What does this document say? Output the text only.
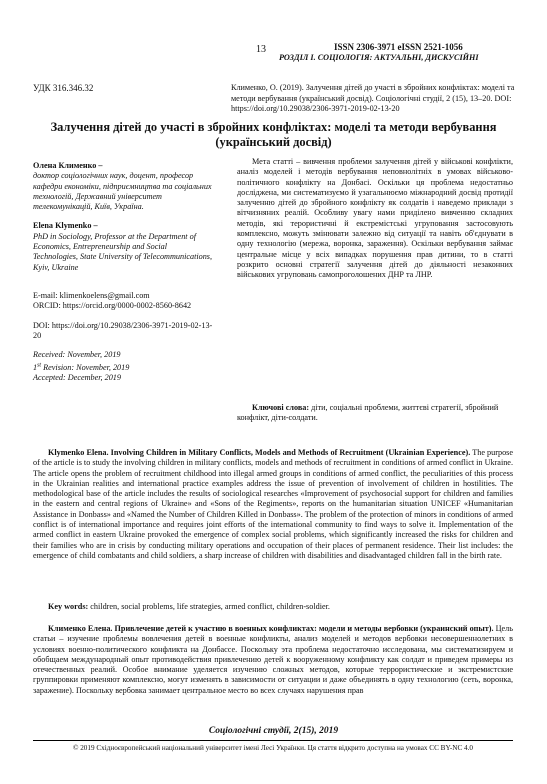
13	ISSN 2306-3971 eISSN 2521-1056
РОЗДІЛ І. СОЦІОЛОГІЯ: АКТУАЛЬНІ, ДИСКУСІЙНІ
УДК 316.346.32	Клименко, О. (2019). Залучення дітей до участі в збройних конфліктах: моделі та методи вербування (український досвід). Соціологічні студії, 2 (15), 13–20. DOI: https://doi.org/10.29038/2306-3971-2019-02-13-20
Залучення дітей до участі в збройних конфліктах: моделі та методи вербування (український досвід)

Олена Клименко –
доктор соціологічних наук, доцент, професор кафедри економіки, підприємництва та соціальних технологій, Державний університет телекомунікацій, Київ, Україна.

Elena Klymenko –
PhD in Sociology, Professor at the Department of Economics, Entrepreneurship and Social Technologies, State University of Telecommunications, Kyiv, Ukraine

E-mail: klimenkoelens@gmail.com
ORCID: https://orcid.org/0000-0002-8560-8642

DOI: https://doi.org/10.29038/2306-3971-2019-02-13-20

Received: November, 2019
1st Revision: November, 2019
Accepted: December, 2019

Мета статті – вивчення проблеми залучення дітей у військові конфлікти, аналіз моделей і методів вербування неповнолітніх в умовах військово-політичного конфлікту на Донбасі. Оскільки ця проблема недостатньо досліджена, ми систематизуємо й узагальнюємо міжнародний досвід протидії залученню дітей до збройного конфлікту як солдатів і наведемо приклади з вітчизняних реалій. Особливу увагу нами приділено вивченню складних методів, які терористичні й екстремістські угруповання застосовують комплексно, можуть змінювати залежно від ситуації та навіть об'єднувати в одну технологію (мережа, воронка, зараження). Оскільки вербування займає центральне місце у всіх випадках порушення прав дитини, то в статті розкрито основні стратегії залучення дітей до діяльності незаконних військових угруповань самопроголошених ДНР та ЛНР.
Ключові слова: діти, соціальні проблеми, життєві стратегії, збройний конфлікт, діти-солдати.
Klymenko Elena. Involving Children in Military Conflicts, Models and Methods of Recruitment (Ukrainian Experience). The purpose of the article is to study the involving children in military conflicts, models and methods of recruitment in conditions of armed conflict in Ukraine. The article opens the problem of recruitment childhood into illegal armed groups in conditions of armed conflict, the peculiarities of this process in the Ukrainian realities and international practice examples address the issue of prevention of involvement of children in hostilities. The methodological base of the article includes the results of sociological researches «Improvement of psychosocial support for children and families in the eastern and central regions of Ukraine» and «Sons of the Regiments», reports on the humanitarian situation UNICEF «Humanitarian Assistance in Donbass» and «Named the Number of Children Killed in Donbass». The problem of the protection of minors in conditions of armed conflict is of international importance and requires joint efforts of the international community to find ways to solve it. Implementation of the armed conflict in eastern Ukraine provoked the emergence of complex social problems, which significantly increased the risks for children and their families who are in crisis by conducting military operations and occupation of their places of permanent residence. Their list includes: the emergence of child combatants and child soldiers, a sharp increase of children with disabilities and disadvantaged children fall in the birth rate.
Key words: children, social problems, life strategies, armed conflict, children-soldier.
Клименко Елена. Привлечение детей к участию в военных конфликтах: модели и методы вербовки (украинский опыт). Цель статьи – изучение проблемы вовлечения детей в военные конфликты, анализ моделей и методов вербовки несовершеннолетних в условиях военно-политического конфликта на Донбассе. Поскольку эта проблема недостаточно исследована, мы систематизируем и обобщаем международный опыт противодействия привлечению детей к вооруженному конфликту как солдат и приведем примеры из отечественных реалий. Особое внимание уделяется изучению сложных методов, которые террористические и экстремистские группировки применяют комплексно, могут изменять в зависимости от ситуации и даже объединять в одну технологию (сеть, воронка, заражение). Поскольку вербовка занимает центральное место во всех случаях нарушения прав
Соціологічні студії, 2(15), 2019
© 2019 Східноєвропейський національний університет імені Лесі Українки. Ця стаття відкрито доступна на умовах CC BY-NC 4.0
